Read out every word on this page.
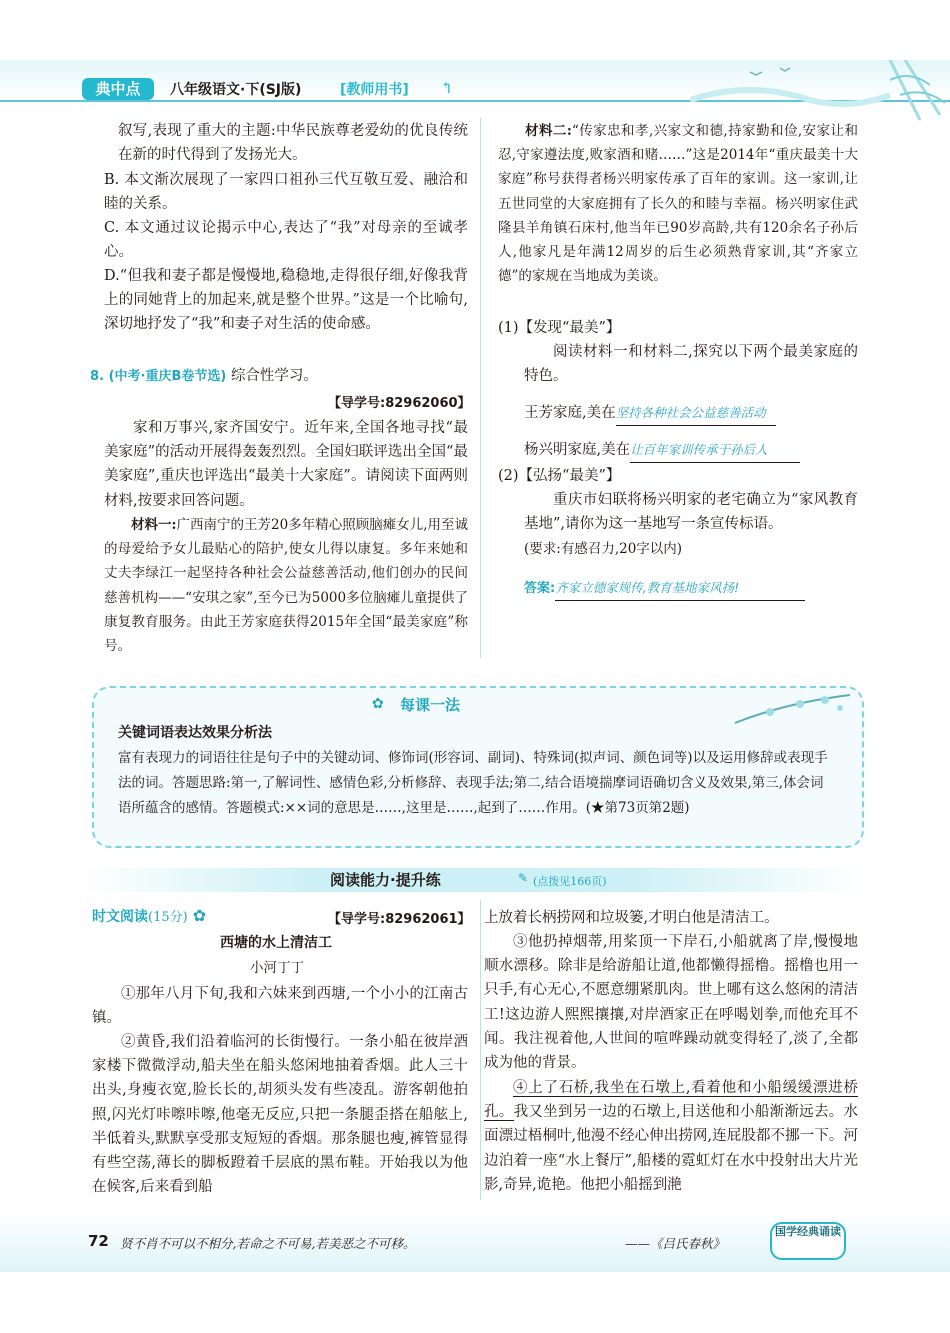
典中点	八年级语文·下(SJ版)	[教师用书] ↰
叙写,表现了重大的主题:中华民族尊老爱幼的优良传统在新的时代得到了发扬光大。
B. 本文渐次展现了一家四口祖孙三代互敬互爱、融洽和睦的关系。
C. 本文通过议论揭示中心,表达了“我”对母亲的至诚孝心。
D.“但我和妻子都是慢慢地,稳稳地,走得很仔细,好像我背上的同她背上的加起来,就是整个世界。”这是一个比喻句,深切地抒发了“我”和妻子对生活的使命感。
8. (中考·重庆B卷节选) 综合性学习。
【导学号:82962060】
家和万事兴,家齐国安宁。近年来,全国各地寻找“最美家庭”的活动开展得轰轰烈烈。全国妇联评选出全国“最美家庭”,重庆也评选出“最美十大家庭”。请阅读下面两则材料,按要求回答问题。
材料一:广西南宁的王芳20多年精心照顾脑瘫女儿,用至诚的母爱给予女儿最贴心的陪护,使女儿得以康复。多年来她和丈夫李绿江一起坚持各种社会公益慈善活动,他们创办的民间慈善机构——“安琪之家”,至今已为5000多位脑瘫儿童提供了康复教育服务。由此王芳家庭获得2015年全国“最美家庭”称号。
材料二:“传家忠和孝,兴家文和德,持家勤和俭,安家让和忍,守家遵法度,败家酒和赌……”这是2014年“重庆最美十大家庭”称号获得者杨兴明家传承了百年的家训。这一家训,让五世同堂的大家庭拥有了长久的和睦与幸福。杨兴明家住武隆县羊角镇石床村,他当年已90岁高龄,共有120余名子孙后人,他家凡是年满12周岁的后生必须熟背家训,其“齐家立德”的家规在当地成为美谈。
(1)【发现“最美”】
阅读材料一和材料二,探究以下两个最美家庭的特色。
王芳家庭,美在坚持各种社会公益慈善活动
杨兴明家庭,美在让百年家训传承于孙后人
(2)【弘扬“最美”】
重庆市妇联将杨兴明家的老宅确立为“家风教育基地”,请你为这一基地写一条宣传标语。
(要求:有感召力,20字以内)
答案:齐家立德家规传,教育基地家风扬!
✿ 每课一法
关键词语表达效果分析法
富有表现力的词语往往是句子中的关键动词、修饰词(形容词、副词)、特殊词(拟声词、颜色词等)以及运用修辞或表现手法的词。答题思路:第一,了解词性、感情色彩,分析修辞、表现手法;第二,结合语境揣摩词语确切含义及效果,第三,体会词语所蕴含的感情。答题模式:××词的意思是……,这里是……,起到了……作用。(★第73页第2题)
阅读能力·提升练	✎ (点拨见166页)
时文阅读(15分) ✿	【导学号:82962061】
西塘的水上清洁工
小河丁丁
①那年八月下旬,我和六妹来到西塘,一个小小的江南古镇。
②黄昏,我们沿着临河的长街慢行。一条小船在彼岸酒家楼下微微浮动,船夫坐在船头悠闲地抽着香烟。此人三十出头,身瘦衣宽,脸长长的,胡须头发有些凌乱。游客朝他拍照,闪光灯咔嚓咔嚓,他毫无反应,只把一条腿歪搭在船舷上,半低着头,默默享受那支短短的香烟。那条腿也瘦,裤管显得有些空荡,薄长的脚板蹬着千层底的黑布鞋。开始我以为他在候客,后来看到船
上放着长柄捞网和垃圾篓,才明白他是清洁工。
③他扔掉烟蒂,用桨顶一下岸石,小船就离了岸,慢慢地顺水漂移。除非是给游船让道,他都懒得摇橹。摇橹也用一只手,有心无心,不愿意绷紧肌肉。世上哪有这么悠闲的清洁工!这边游人熙熙攘攘,对岸酒家正在呼喝划拳,而他充耳不闻。我注视着他,人世间的喧哗躁动就变得轻了,淡了,全都成为他的背景。
④上了石桥,我坐在石墩上,看着他和小船缓缓漂进桥孔。我又坐到另一边的石墩上,目送他和小船渐渐远去。水面漂过梧桐叶,他漫不经心伸出捞网,连屁股都不挪一下。河边泊着一座“水上餐厅”,船楼的霓虹灯在水中投射出大片光影,奇异,诡艳。他把小船摇到滟
72 贤不肖不可以不相分,若命之不可易,若美恶之不可移。	——《吕氏春秋》
国学经典诵读
